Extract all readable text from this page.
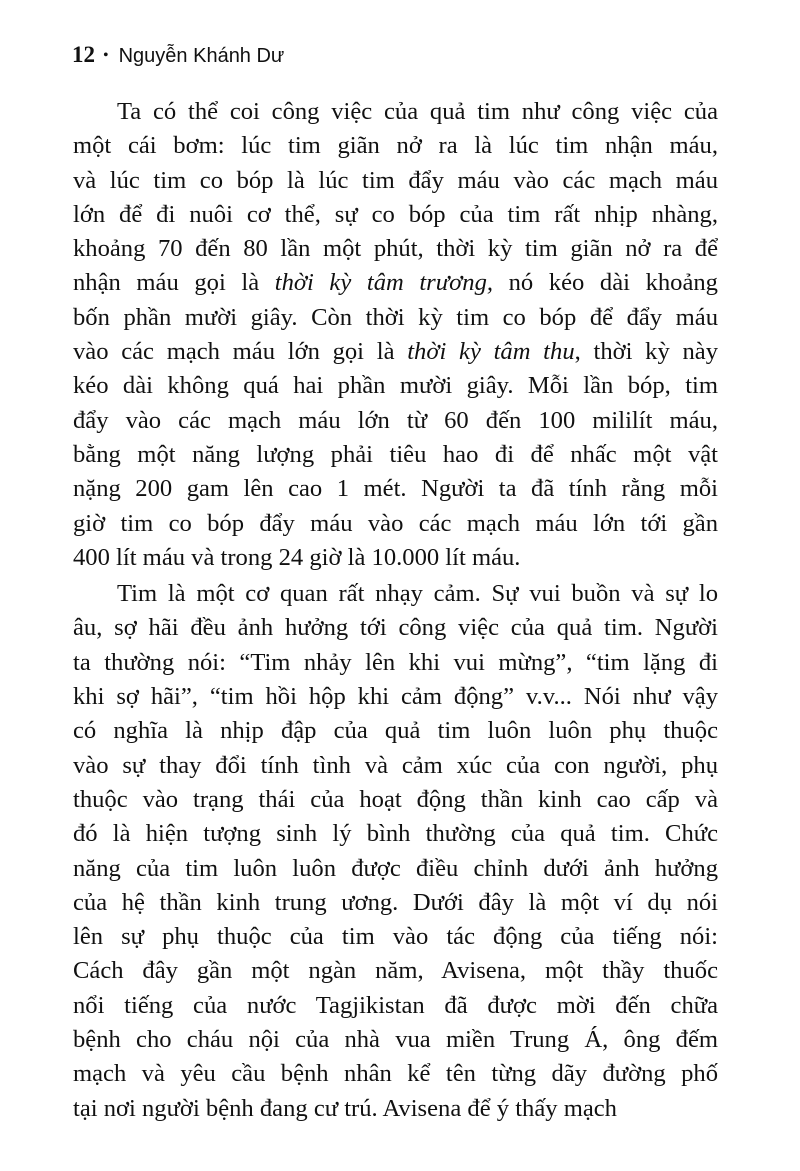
12 • Nguyễn Khánh Dư
Ta có thể coi công việc của quả tim như công việc của
một cái bơm: lúc tim giãn nở ra là lúc tim nhận máu,
và lúc tim co bóp là lúc tim đẩy máu vào các mạch máu
lớn để đi nuôi cơ thể, sự co bóp của tim rất nhịp nhàng,
khoảng 70 đến 80 lần một phút, thời kỳ tim giãn nở ra để
nhận máu gọi là thời kỳ tâm trương, nó kéo dài khoảng
bốn phần mười giây. Còn thời kỳ tim co bóp để đẩy máu
vào các mạch máu lớn gọi là thời kỳ tâm thu, thời kỳ này
kéo dài không quá hai phần mười giây. Mỗi lần bóp, tim
đẩy vào các mạch máu lớn từ 60 đến 100 mililít máu,
bằng một năng lượng phải tiêu hao đi để nhấc một vật
nặng 200 gam lên cao 1 mét. Người ta đã tính rằng mỗi
giờ tim co bóp đẩy máu vào các mạch máu lớn tới gần
400 lít máu và trong 24 giờ là 10.000 lít máu.
Tim là một cơ quan rất nhạy cảm. Sự vui buồn và sự lo
âu, sợ hãi đều ảnh hưởng tới công việc của quả tim. Người
ta thường nói: “Tim nhảy lên khi vui mừng”, “tim lặng đi
khi sợ hãi”, “tim hồi hộp khi cảm động” v.v... Nói như vậy
có nghĩa là nhịp đập của quả tim luôn luôn phụ thuộc
vào sự thay đổi tính tình và cảm xúc của con người, phụ
thuộc vào trạng thái của hoạt động thần kinh cao cấp và
đó là hiện tượng sinh lý bình thường của quả tim. Chức
năng của tim luôn luôn được điều chỉnh dưới ảnh hưởng
của hệ thần kinh trung ương. Dưới đây là một ví dụ nói
lên sự phụ thuộc của tim vào tác động của tiếng nói:
Cách đây gần một ngàn năm, Avisena, một thầy thuốc
nổi tiếng của nước Tagjikistan đã được mời đến chữa
bệnh cho cháu nội của nhà vua miền Trung Á, ông đếm
mạch và yêu cầu bệnh nhân kể tên từng dãy đường phố
tại nơi người bệnh đang cư trú. Avisena để ý thấy mạch
